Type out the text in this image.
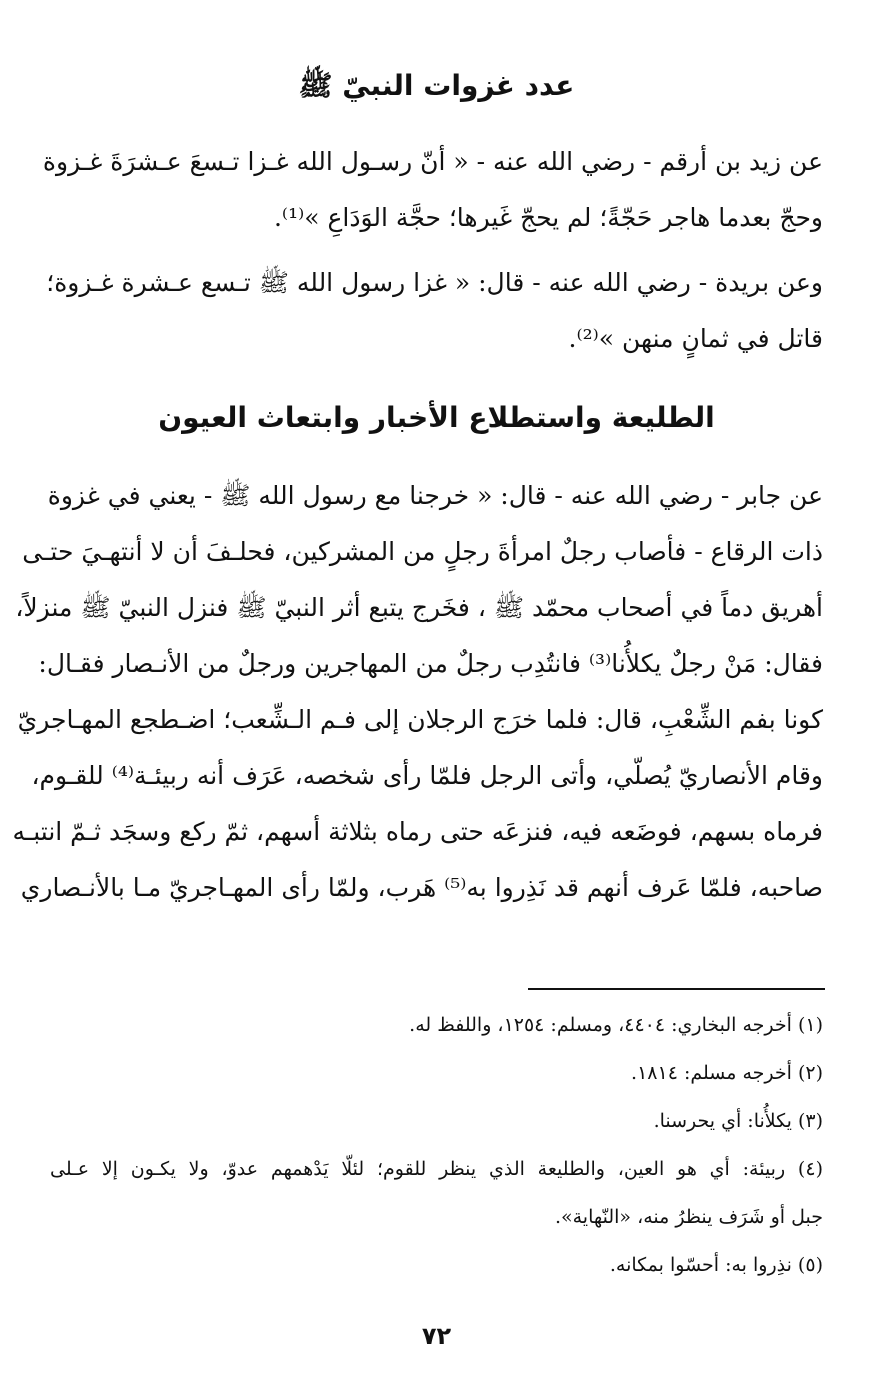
عدد غزوات النبيّ ﷺ
عن زيد بن أرقم - رضي الله عنه - « أنّ رسـول الله غـزا تـسعَ عـشرَةَ غـزوة
وحجّ بعدما هاجر حَجّةً؛ لم يحجّ غَيرها؛ حجَّة الوَدَاعِ »⁽¹⁾.
وعن بريدة - رضي الله عنه - قال: « غزا رسول الله ﷺ تـسع عـشرة غـزوة؛
قاتل في ثمانٍ منهن »⁽²⁾.
الطليعة واستطلاع الأخبار وابتعاث العيون
عن جابر - رضي الله عنه - قال: « خرجنا مع رسول الله ﷺ - يعني في غزوة
ذات الرقاع - فأصاب رجلٌ امرأةَ رجلٍ من المشركين، فحلـفَ أن لا أنتهـيَ حتـى
أهريق دماً في أصحاب محمّد ﷺ ، فخَرج يتبع أثر النبيّ ﷺ فنزل النبيّ ﷺ منزلاً،
فقال: مَنْ رجلٌ يكلأُنا⁽³⁾ فانتُدِب رجلٌ من المهاجرين ورجلٌ من الأنـصار فقـال:
كونا بفم الشِّعْبِ، قال: فلما خرَج الرجلان إلى فـم الـشِّعب؛ اضـطجع المهـاجريّ
وقام الأنصاريّ يُصلّي، وأتى الرجل فلمّا رأى شخصه، عَرَف أنه ربيئـة⁽⁴⁾ للقـوم،
فرماه بسهم، فوضَعه فيه، فنزعَه حتى رماه بثلاثة أسهم، ثمّ ركع وسجَد ثـمّ انتبـه
صاحبه، فلمّا عَرف أنهم قد نَذِروا به⁽⁵⁾ هَرب، ولمّا رأى المهـاجريّ مـا بالأنـصاري
(١) أخرجه البخاري: ٤٤٠٤، ومسلم: ١٢٥٤، واللفظ له.
(٢) أخرجه مسلم: ١٨١٤.
(٣) يكلأُنا: أي يحرسنا.
(٤) ربيئة: أي هو العين، والطليعة الذي ينظر للقوم؛ لئلّا يَدْهمهم عدوّ، ولا يكـون إلا عـلى
جبل أو شَرَف ينظرُ منه، «النّهاية».
(٥) نذِروا به: أحسّوا بمكانه.
٧٢
